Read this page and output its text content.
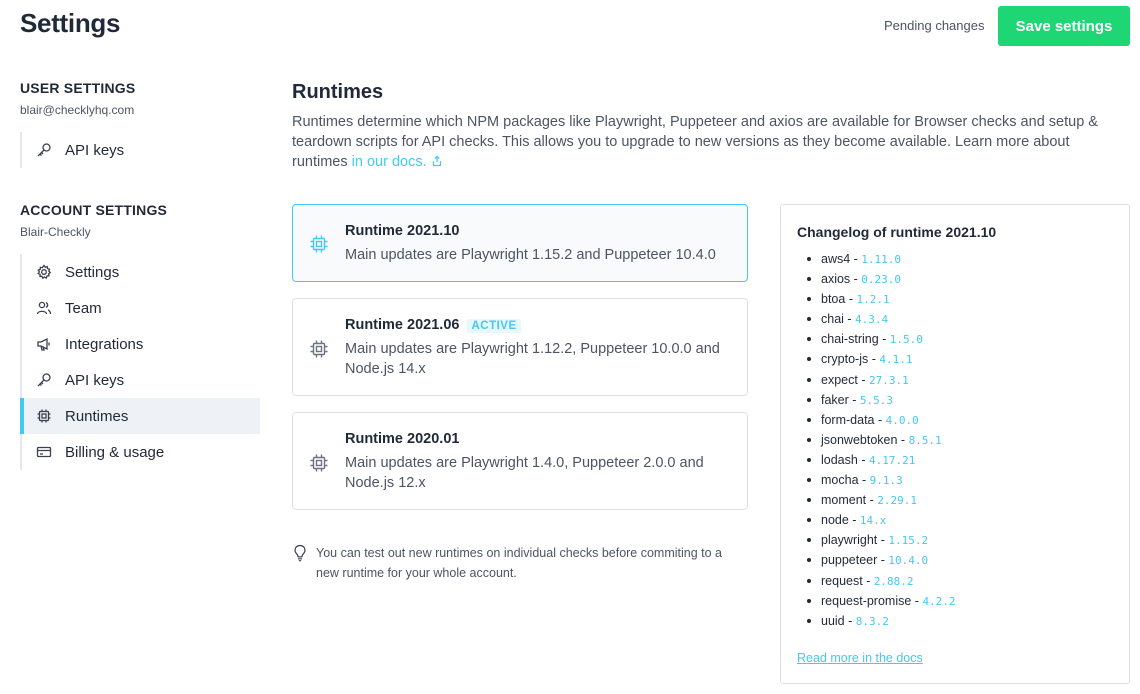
Settings	Pending changes	Save settings
USER SETTINGS
blair@checklyhq.com
API keys
ACCOUNT SETTINGS
Blair-Checkly
Settings
Team
Integrations
API keys
Runtimes
Billing & usage
Runtimes
Runtimes determine which NPM packages like Playwright, Puppeteer and axios are available for Browser checks and setup & teardown scripts for API checks. This allows you to upgrade to new versions as they become available. Learn more about runtimes in our docs.
Runtime 2021.10
Main updates are Playwright 1.15.2 and Puppeteer 10.4.0
Runtime 2021.06 ACTIVE
Main updates are Playwright 1.12.2, Puppeteer 10.0.0 and Node.js 14.x
Runtime 2020.01
Main updates are Playwright 1.4.0, Puppeteer 2.0.0 and Node.js 12.x
You can test out new runtimes on individual checks before commiting to a new runtime for your whole account.
Changelog of runtime 2021.10
aws4 - 1.11.0
axios - 0.23.0
btoa - 1.2.1
chai - 4.3.4
chai-string - 1.5.0
crypto-js - 4.1.1
expect - 27.3.1
faker - 5.5.3
form-data - 4.0.0
jsonwebtoken - 8.5.1
lodash - 4.17.21
mocha - 9.1.3
moment - 2.29.1
node - 14.x
playwright - 1.15.2
puppeteer - 10.4.0
request - 2.88.2
request-promise - 4.2.2
uuid - 8.3.2
Read more in the docs
